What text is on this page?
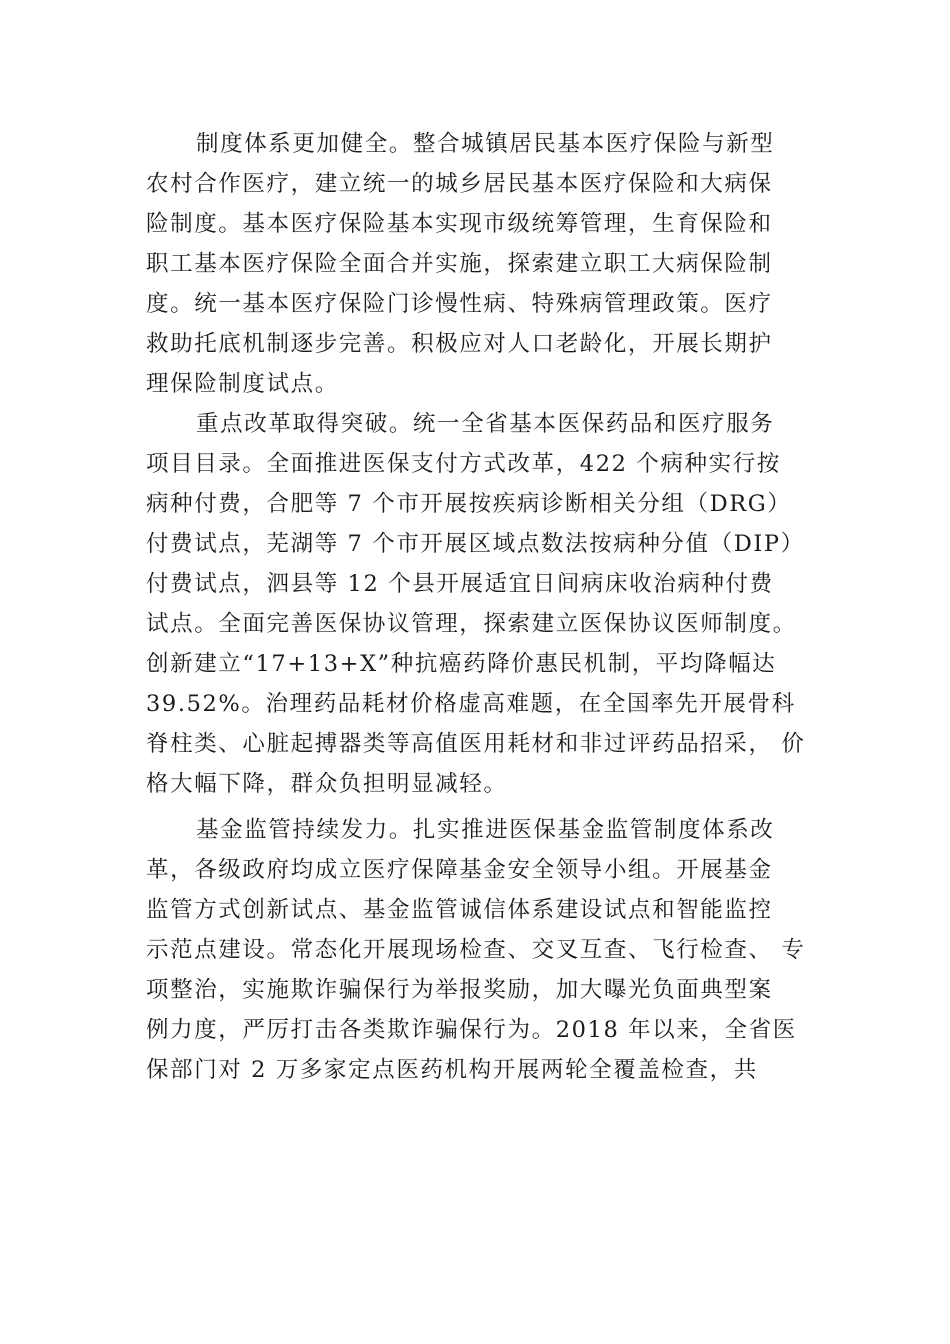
制度体系更加健全。整合城镇居民基本医疗保险与新型
农村合作医疗，建立统一的城乡居民基本医疗保险和大病保
险制度。基本医疗保险基本实现市级统筹管理，生育保险和
职工基本医疗保险全面合并实施，探索建立职工大病保险制
度。统一基本医疗保险门诊慢性病、特殊病管理政策。医疗
救助托底机制逐步完善。积极应对人口老龄化，开展长期护
理保险制度试点。
重点改革取得突破。统一全省基本医保药品和医疗服务
项目目录。全面推进医保支付方式改革，422 个病种实行按
病种付费，合肥等 7 个市开展按疾病诊断相关分组（DRG）
付费试点，芜湖等 7 个市开展区域点数法按病种分值（DIP）
付费试点，泗县等 12 个县开展适宜日间病床收治病种付费
试点。全面完善医保协议管理，探索建立医保协议医师制度。
创新建立“17+13+X”种抗癌药降价惠民机制，平均降幅达
39.52%。治理药品耗材价格虚高难题，在全国率先开展骨科
脊柱类、心脏起搏器类等高值医用耗材和非过评药品招采， 价
格大幅下降，群众负担明显减轻。
基金监管持续发力。扎实推进医保基金监管制度体系改
革，各级政府均成立医疗保障基金安全领导小组。开展基金
监管方式创新试点、基金监管诚信体系建设试点和智能监控
示范点建设。常态化开展现场检查、交叉互查、飞行检查、 专
项整治，实施欺诈骗保行为举报奖励，加大曝光负面典型案
例力度，严厉打击各类欺诈骗保行为。2018 年以来，全省医
保部门对 2 万多家定点医药机构开展两轮全覆盖检查，共
